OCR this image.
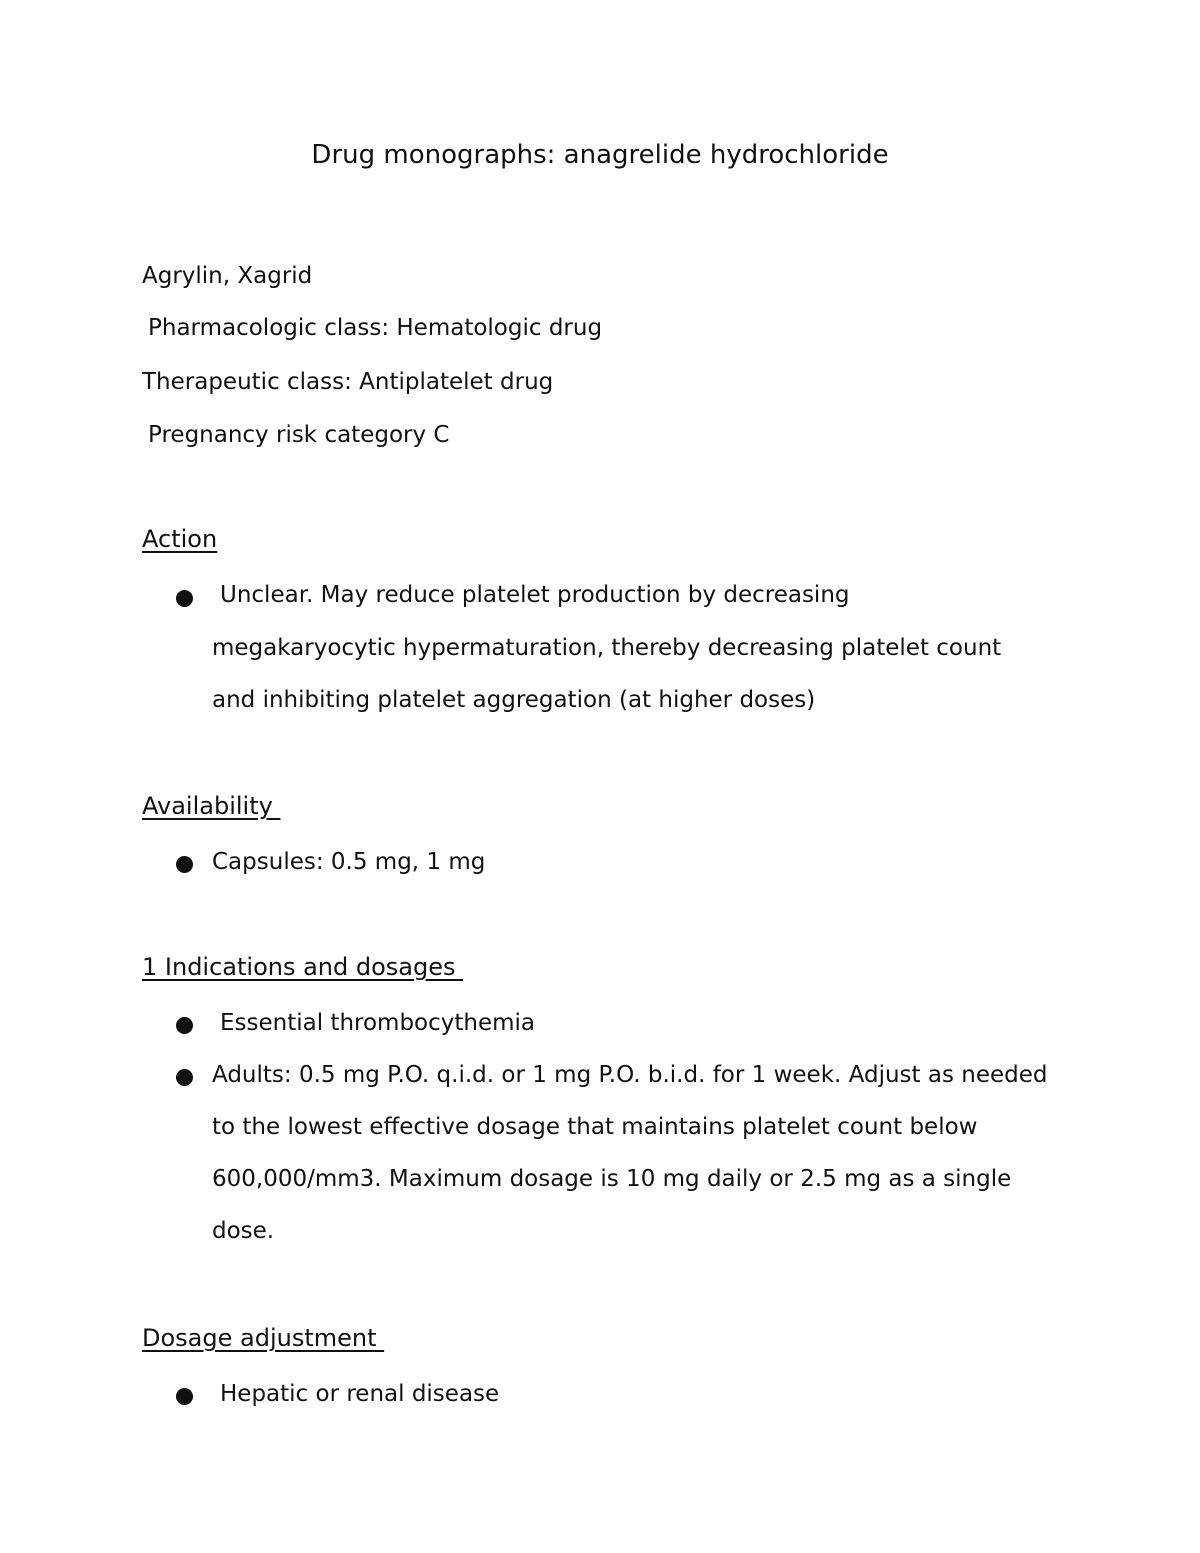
Drug monographs: anagrelide hydrochloride
Agrylin, Xagrid
Pharmacologic class: Hematologic drug
Therapeutic class: Antiplatelet drug
Pregnancy risk category C
Action
Unclear. May reduce platelet production by decreasing
megakaryocytic hypermaturation, thereby decreasing platelet count
and inhibiting platelet aggregation (at higher doses)
Availability
Capsules: 0.5 mg, 1 mg
1 Indications and dosages
Essential thrombocythemia
Adults: 0.5 mg P.O. q.i.d. or 1 mg P.O. b.i.d. for 1 week. Adjust as needed
to the lowest effective dosage that maintains platelet count below
600,000/mm3. Maximum dosage is 10 mg daily or 2.5 mg as a single
dose.
Dosage adjustment
Hepatic or renal disease
